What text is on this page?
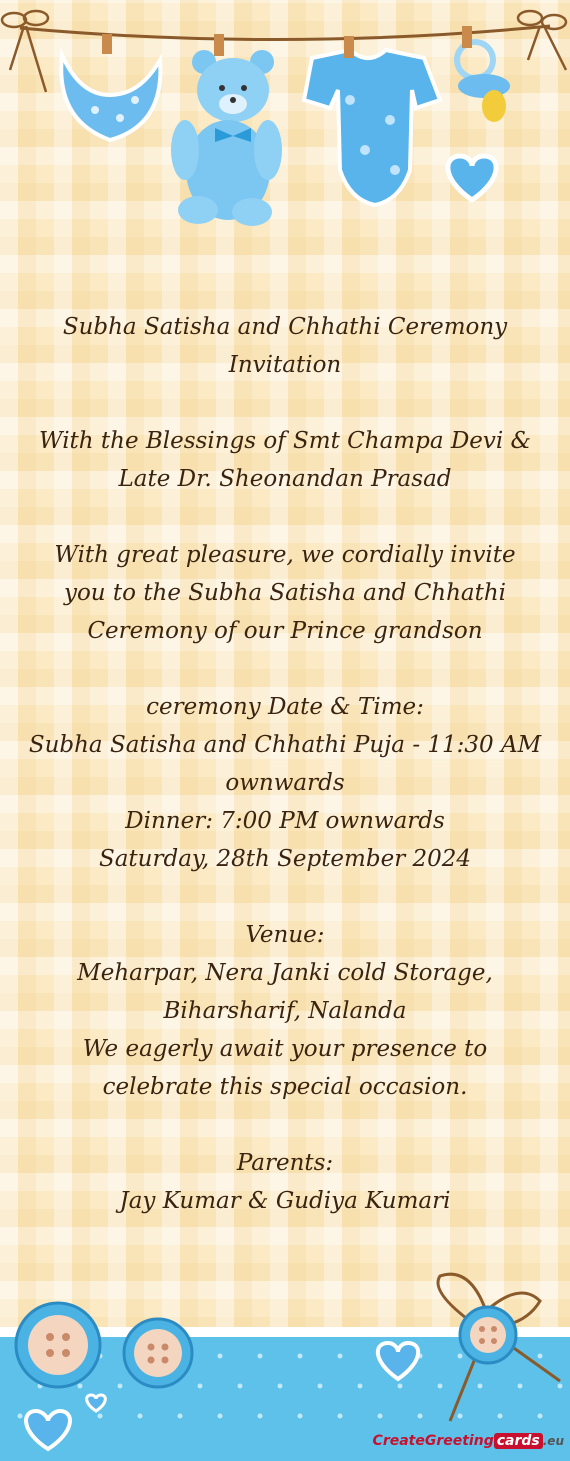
Subha Satisha and Chhathi Ceremony

Invitation

With the Blessings of Smt Champa Devi &

Late Dr. Sheonandan Prasad

With great pleasure, we cordially invite

you to the Subha Satisha and Chhathi

Ceremony of our Prince grandson

ceremony Date & Time:

Subha Satisha and Chhathi Puja - 11:30 AM

ownwards

Dinner: 7:00 PM ownwards

Saturday, 28th September 2024

Venue:

Meharpar, Nera Janki cold Storage,

Biharsharif, Nalanda

We eagerly await your presence to

celebrate this special occasion.

Parents:

Jay Kumar & Gudiya Kumari

CreateGreeting cards .eu
